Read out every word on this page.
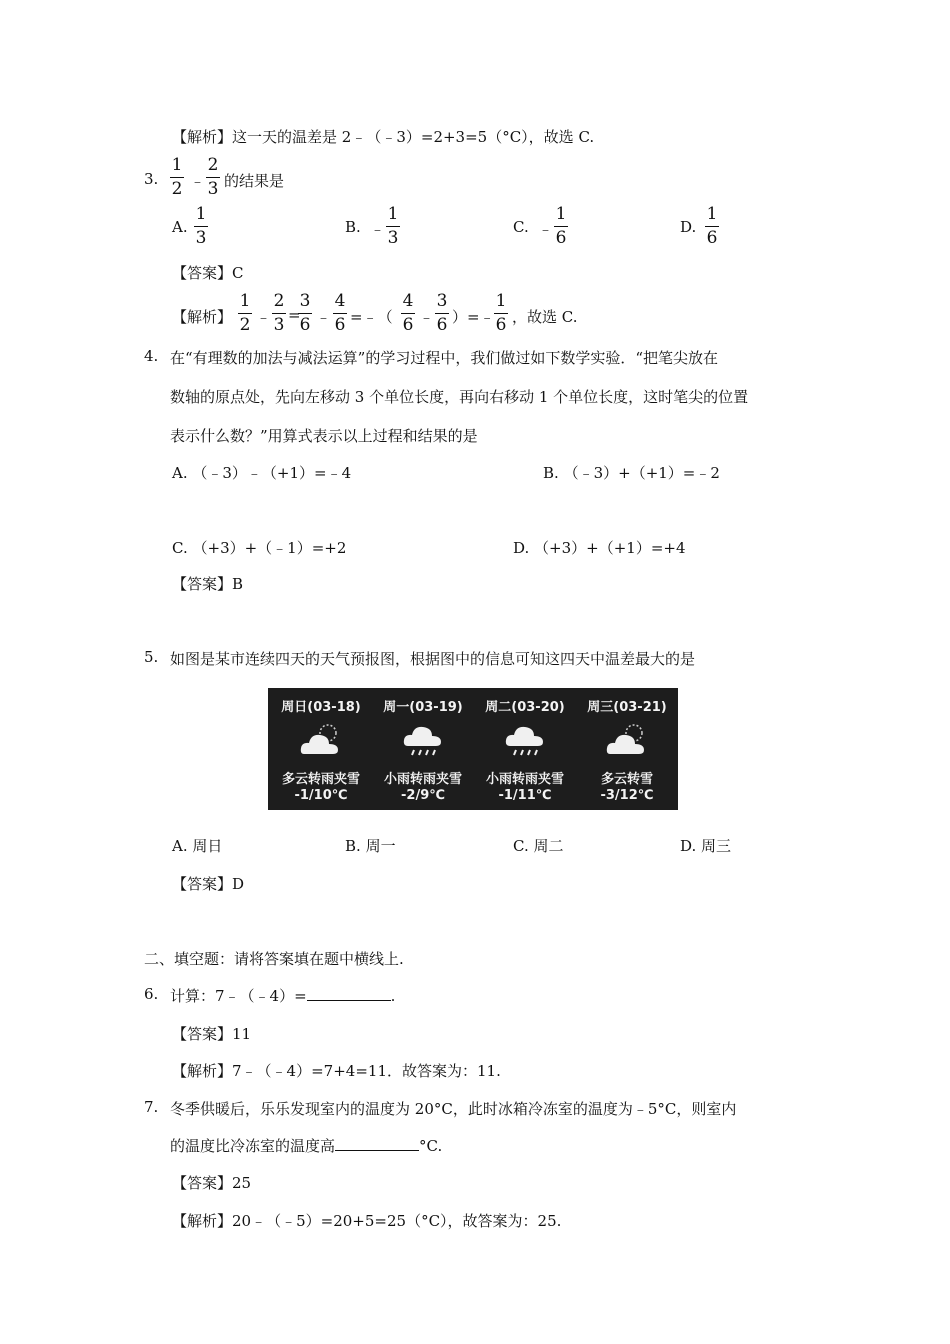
【解析】这一天的温差是 2﹣（﹣3）=2+3=5（°C），故选 C.
3.
1
2 ﹣
2
3 的结果是
A.
1
3
B. ﹣
1
3
C. ﹣
1
6
D.
1
6
【答案】C
【解析】
1
2 ﹣
2
3 =
3
6 ﹣
4
6 =﹣（
4
6 ﹣
3
6 ）=﹣
1
6 ，故选 C.
4. 在“有理数的加法与减法运算”的学习过程中，我们做过如下数学实验．“把笔尖放在
数轴的原点处，先向左移动 3 个单位长度，再向右移动 1 个单位长度，这时笔尖的位置
表示什么数？”用算式表示以上过程和结果的是
A. （﹣3）﹣（+1）=﹣4	B. （﹣3）+（+1）=﹣2
C. （+3）+（﹣1）=+2	D. （+3）+（+1）=+4
【答案】B
5. 如图是某市连续四天的天气预报图，根据图中的信息可知这四天中温差最大的是
周日(03-18)
多云转雨夹雪
-1/10℃
周一(03-19)
小雨转雨夹雪
-2/9℃
周二(03-20)
小雨转雨夹雪
-1/11℃
周三(03-21)
多云转雪
-3/12℃
A. 周日	B. 周一	C. 周二	D. 周三
【答案】D
二、填空题：请将答案填在题中横线上.
6. 计算：7﹣（﹣4）=	.
【答案】11
【解析】7﹣（﹣4）=7+4=11．故答案为：11.
7. 冬季供暖后，乐乐发现室内的温度为 20°C，此时冰箱冷冻室的温度为﹣5°C，则室内
的温度比冷冻室的温度高	°C.
【答案】25
【解析】20﹣（﹣5）=20+5=25（°C），故答案为：25.
